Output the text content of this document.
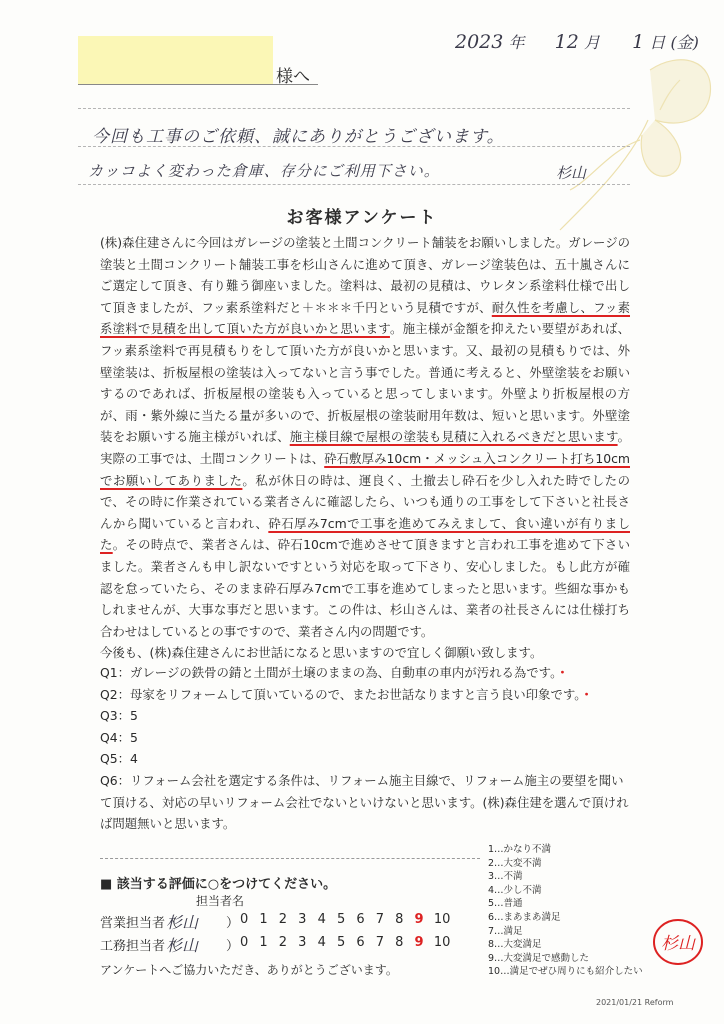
2023 年 12 月 1 日 (金)
様へ
今回も工事のご依頼、誠にありがとうございます。
カッコよく変わった倉庫、存分にご利用下さい。	杉山
お客様アンケート

(株)森住建さんに今回はガレージの塗装と土間コンクリート舗装をお願いしました。ガレージの塗装と土間コンクリート舗装工事を杉山さんに進めて頂き、ガレージ塗装色は、五十嵐さんにご選定して頂き、有り難う御座いました。塗料は、最初の見積は、ウレタン系塗料仕様で出して頂きましたが、フッ素系塗料だと＋＊＊＊千円という見積ですが、耐久性を考慮し、フッ素系塗料で見積を出して頂いた方が良いかと思います。施主様が金額を抑えたい要望があれば、フッ素系塗料で再見積もりをして頂いた方が良いかと思います。又、最初の見積もりでは、外壁塗装は、折板屋根の塗装は入ってないと言う事でした。普通に考えると、外壁塗装をお願いするのであれば、折板屋根の塗装も入っていると思ってしまいます。外壁より折板屋根の方が、雨・紫外線に当たる量が多いので、折板屋根の塗装耐用年数は、短いと思います。外壁塗装をお願いする施主様がいれば、施主様目線で屋根の塗装も見積に入れるべきだと思います。実際の工事では、土間コンクリートは、砕石敷厚み10cm・メッシュ入コンクリート打ち10cmでお願いしてありました。私が休日の時は、運良く、土撤去し砕石を少し入れた時でしたので、その時に作業されている業者さんに確認したら、いつも通りの工事をして下さいと社長さんから聞いていると言われ、砕石厚み7cmで工事を進めてみえまして、食い違いが有りました。その時点で、業者さんは、砕石10cmで進めさせて頂きますと言われ工事を進めて下さいました。業者さんも申し訳ないですという対応を取って下さり、安心しました。もし此方が確認を怠っていたら、そのまま砕石厚み7cmで工事を進めてしまったと思います。些細な事かもしれませんが、大事な事だと思います。この件は、杉山さんは、業者の社長さんには仕様打ち合わせはしているとの事ですので、業者さん内の問題です。

今後も、(株)森住建さんにお世話になると思いますので宜しく御願い致します。

Q1：ガレージの鉄骨の錆と土間が土壌のままの為、自動車の車内が汚れる為です。・
Q2：母家をリフォームして頂いているので、またお世話なりますと言う良い印象です。・
Q3：5
Q4：5
Q5：4
Q6：リフォーム会社を選定する条件は、リフォーム施主目線で、リフォーム施主の要望を聞いて頂ける、対応の早いリフォーム会社でないといけないと思います。(株)森住建を選んで頂ければ問題無いと思います。
1…かなり不満
2…大変不満
3…不満
4…少し不満
5…普通
6…まあまあ満足
7…満足
8…大変満足
9…大変満足で感動した
10…満足でぜひ周りにも紹介したい
■ 該当する評価に○をつけてください。
担当者名
営業担当者（
杉山 ） 0 1 2 3 4 5 6 7 8 9 10
工務担当者（
杉山 ） 0 1 2 3 4 5 6 7 8 9 10
アンケートへご協力いただき、ありがとうございます。
杉山
2021/01/21 Reform
